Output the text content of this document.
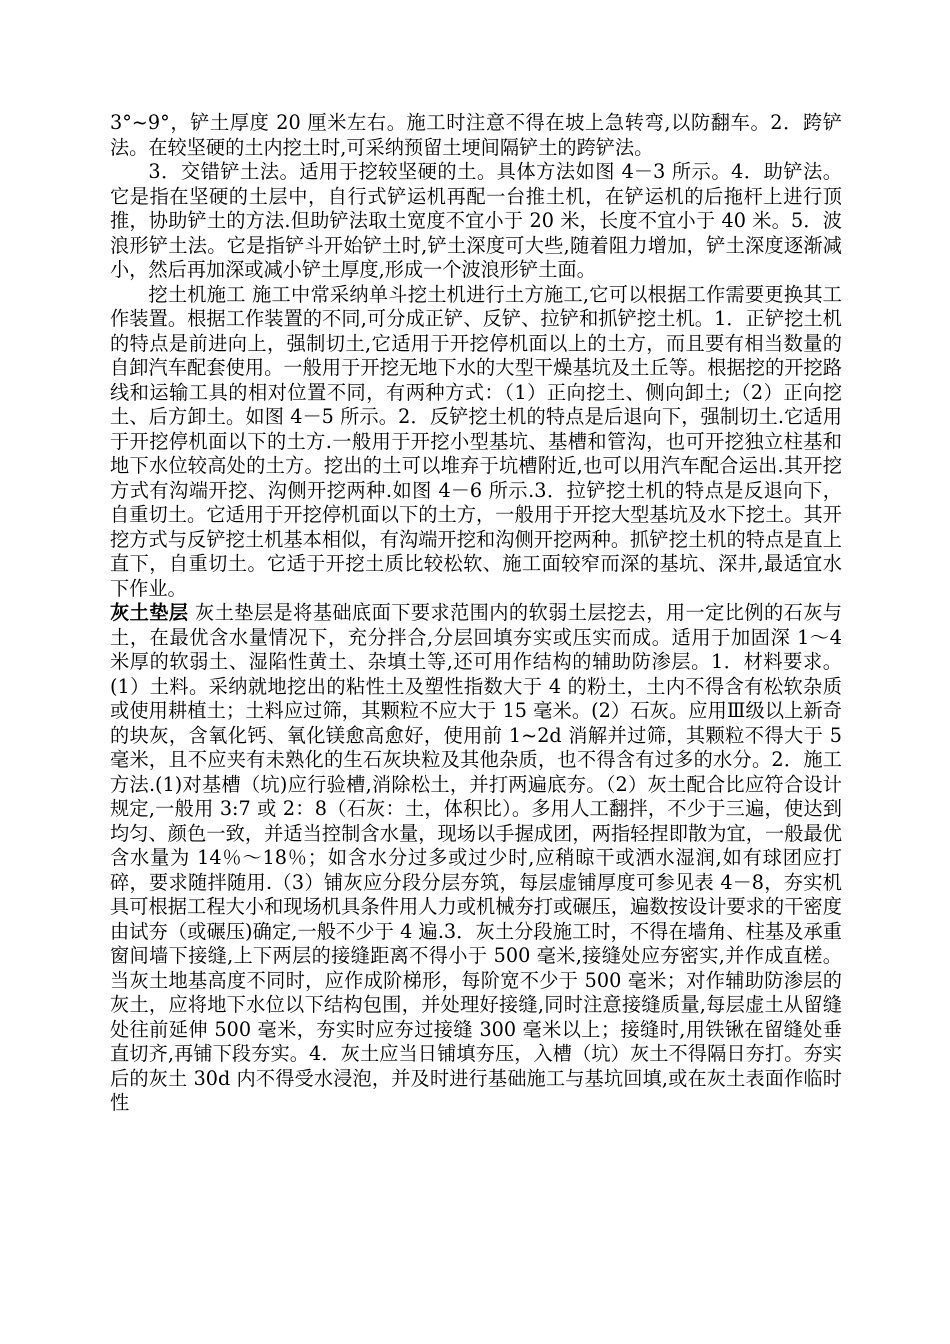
3°~9°，铲土厚度 20 厘米左右。施工时注意不得在坡上急转弯,以防翻车。2．跨铲法。在较坚硬的土内挖土时,可采纳预留土埂间隔铲土的跨铲法。

3．交错铲土法。适用于挖较坚硬的土。具体方法如图 4－3 所示。4．助铲法。它是指在坚硬的土层中，自行式铲运机再配一台推土机，在铲运机的后拖杆上进行顶推，协助铲土的方法.但助铲法取土宽度不宜小于 20 米，长度不宜小于 40 米。5．波浪形铲土法。它是指铲斗开始铲土时,铲土深度可大些,随着阻力增加，铲土深度逐渐减小，然后再加深或减小铲土厚度,形成一个波浪形铲土面。

挖土机施工 施工中常采纳单斗挖土机进行土方施工,它可以根据工作需要更换其工作装置。根据工作装置的不同,可分成正铲、反铲、拉铲和抓铲挖土机。1．正铲挖土机的特点是前进向上，强制切土,它适用于开挖停机面以上的土方，而且要有相当数量的自卸汽车配套使用。一般用于开挖无地下水的大型干燥基坑及土丘等。根据挖的开挖路线和运输工具的相对位置不同，有两种方式：（1）正向挖土、侧向卸土;（2）正向挖土、后方卸土。如图 4－5 所示。2．反铲挖土机的特点是后退向下，强制切土.它适用于开挖停机面以下的土方.一般用于开挖小型基坑、基槽和管沟，也可开挖独立柱基和地下水位较高处的土方。挖出的土可以堆弃于坑槽附近,也可以用汽车配合运出.其开挖方式有沟端开挖、沟侧开挖两种.如图 4－6 所示.3．拉铲挖土机的特点是反退向下，自重切土。它适用于开挖停机面以下的土方，一般用于开挖大型基坑及水下挖土。其开挖方式与反铲挖土机基本相似，有沟端开挖和沟侧开挖两种。抓铲挖土机的特点是直上直下，自重切土。它适于开挖土质比较松软、施工面较窄而深的基坑、深井,最适宜水下作业。

灰土垫层 灰土垫层是将基础底面下要求范围内的软弱土层挖去，用一定比例的石灰与土，在最优含水量情况下，充分拌合,分层回填夯实或压实而成。适用于加固深 1～4 米厚的软弱土、湿陷性黄土、杂填土等,还可用作结构的辅助防渗层。1．材料要求。(1）土料。采纳就地挖出的粘性土及塑性指数大于 4 的粉土，土内不得含有松软杂质或使用耕植土；土料应过筛，其颗粒不应大于 15 毫米。(2）石灰。应用Ⅲ级以上新奇的块灰，含氧化钙、氧化镁愈高愈好，使用前 1~2d 消解并过筛，其颗粒不得大于 5 毫米，且不应夹有未熟化的生石灰块粒及其他杂质，也不得含有过多的水分。2．施工方法.(1)对基槽（坑)应行验槽,消除松土，并打两遍底夯。（2）灰土配合比应符合设计规定,一般用 3:7 或 2：8（石灰：土，体积比）。多用人工翻拌，不少于三遍，使达到均匀、颜色一致，并适当控制含水量，现场以手握成团，两指轻捏即散为宜，一般最优含水量为 14％～18％；如含水分过多或过少时,应稍晾干或洒水湿润,如有球团应打碎，要求随拌随用.（3）铺灰应分段分层夯筑，每层虚铺厚度可参见表 4－8，夯实机具可根据工程大小和现场机具条件用人力或机械夯打或碾压，遍数按设计要求的干密度由试夯（或碾压)确定,一般不少于 4 遍.3．灰土分段施工时，不得在墙角、柱基及承重窗间墙下接缝,上下两层的接缝距离不得小于 500 毫米,接缝处应夯密实,并作成直槎。当灰土地基高度不同时，应作成阶梯形，每阶宽不少于 500 毫米；对作辅助防渗层的灰土，应将地下水位以下结构包围，并处理好接缝,同时注意接缝质量,每层虚土从留缝处往前延伸 500 毫米，夯实时应夯过接缝 300 毫米以上；接缝时,用铁锹在留缝处垂直切齐,再铺下段夯实。4．灰土应当日铺填夯压，入槽（坑）灰土不得隔日夯打。夯实后的灰土 30d 内不得受水浸泡，并及时进行基础施工与基坑回填,或在灰土表面作临时性
